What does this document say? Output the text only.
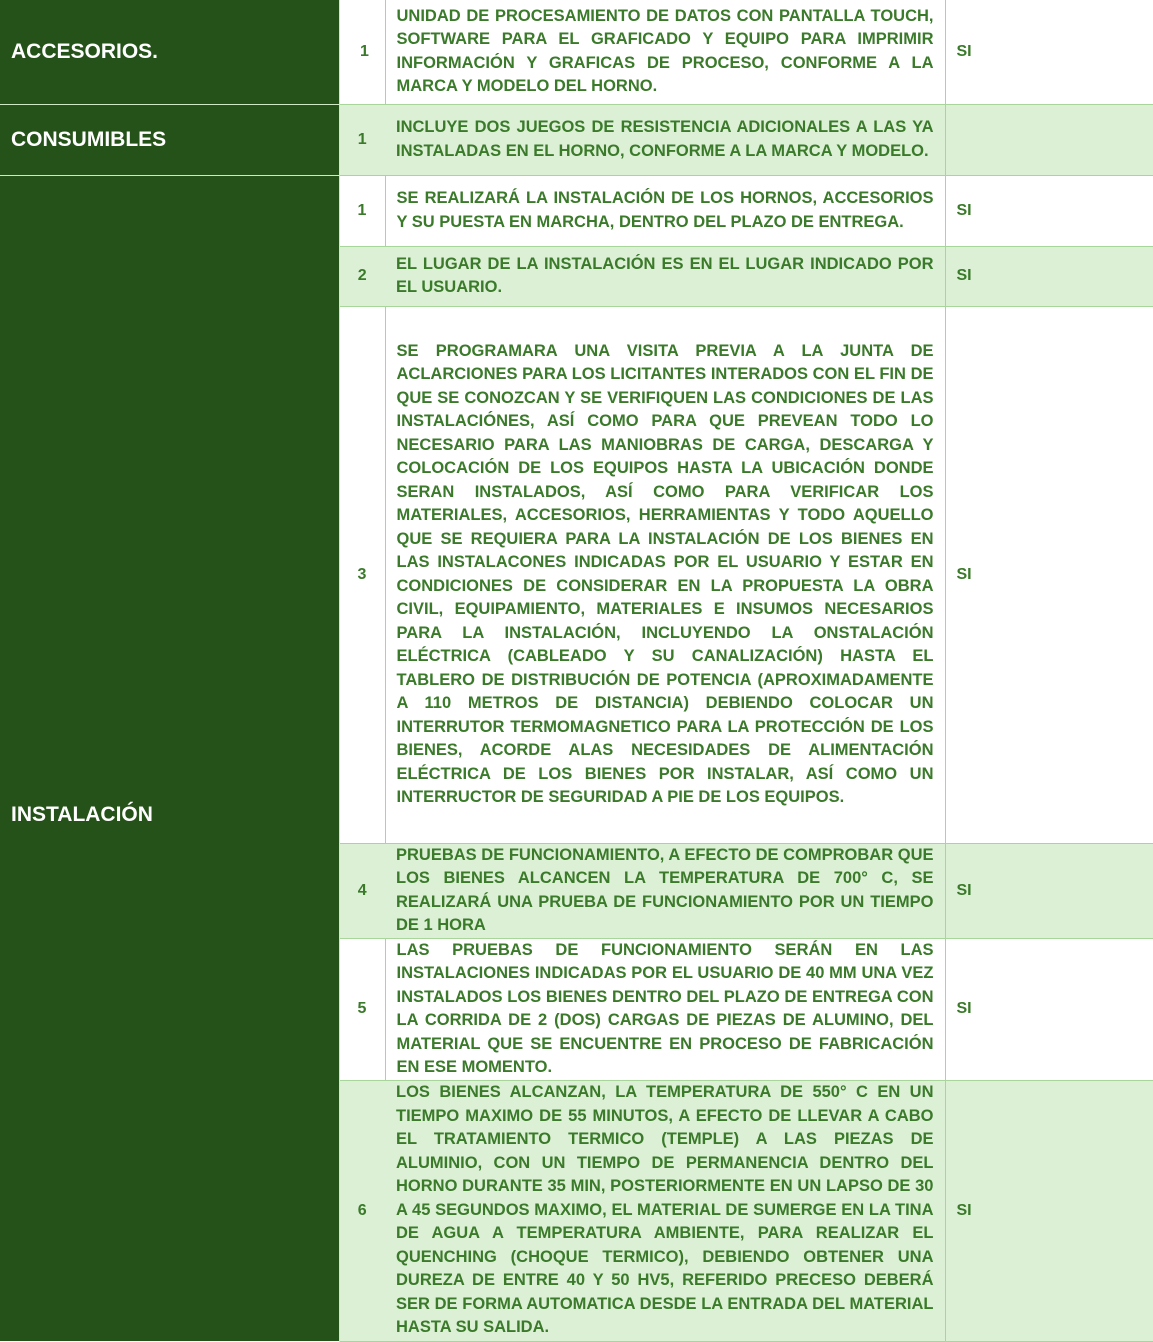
ACCESORIOS.	1	UNIDAD DE PROCESAMIENTO DE DATOS CON PANTALLA TOUCH, SOFTWARE PARA EL GRAFICADO Y EQUIPO PARA IMPRIMIR INFORMACIÓN Y GRAFICAS DE PROCESO, CONFORME A LA MARCA Y MODELO DEL HORNO.	SI
CONSUMIBLES	1	INCLUYE DOS JUEGOS DE RESISTENCIA ADICIONALES A LAS YA INSTALADAS EN EL HORNO, CONFORME A LA MARCA Y MODELO.	
INSTALACIÓN	1	SE REALIZARÁ LA INSTALACIÓN DE LOS HORNOS, ACCESORIOS Y SU PUESTA EN MARCHA, DENTRO DEL PLAZO DE ENTREGA.	SI
	2	EL LUGAR DE LA INSTALACIÓN ES EN EL LUGAR INDICADO POR EL USUARIO.	SI
	3	SE PROGRAMARA UNA VISITA PREVIA A LA JUNTA DE ACLARCIONES PARA LOS LICITANTES INTERADOS CON EL FIN DE QUE SE CONOZCAN Y SE VERIFIQUEN LAS CONDICIONES DE LAS INSTALACIÓNES, ASÍ COMO PARA QUE PREVEAN TODO LO NECESARIO PARA LAS MANIOBRAS DE CARGA, DESCARGA Y COLOCACIÓN DE LOS EQUIPOS HASTA LA UBICACIÓN DONDE SERAN INSTALADOS, ASÍ COMO PARA VERIFICAR LOS MATERIALES, ACCESORIOS, HERRAMIENTAS Y TODO AQUELLO QUE SE REQUIERA PARA LA INSTALACIÓN DE LOS BIENES EN LAS INSTALACONES INDICADAS POR EL USUARIO Y ESTAR EN CONDICIONES DE CONSIDERAR EN LA PROPUESTA LA OBRA CIVIL, EQUIPAMIENTO, MATERIALES E INSUMOS NECESARIOS PARA LA INSTALACIÓN, INCLUYENDO LA ONSTALACIÓN ELÉCTRICA (CABLEADO Y SU CANALIZACIÓN) HASTA EL TABLERO DE DISTRIBUCIÓN DE POTENCIA (APROXIMADAMENTE A 110 METROS DE DISTANCIA) DEBIENDO COLOCAR UN INTERRUTOR TERMOMAGNETICO PARA LA PROTECCIÓN DE LOS BIENES, ACORDE ALAS NECESIDADES DE ALIMENTACIÓN ELÉCTRICA DE LOS BIENES POR INSTALAR, ASÍ COMO UN INTERRUCTOR DE SEGURIDAD A PIE DE LOS EQUIPOS.	SI
	4	PRUEBAS DE FUNCIONAMIENTO, A EFECTO DE COMPROBAR QUE LOS BIENES ALCANCEN LA TEMPERATURA DE 700° C, SE REALIZARÁ UNA PRUEBA DE FUNCIONAMIENTO POR UN TIEMPO DE 1 HORA	SI
	5	LAS PRUEBAS DE FUNCIONAMIENTO SERÁN EN LAS INSTALACIONES INDICADAS POR EL USUARIO DE 40 MM UNA VEZ INSTALADOS LOS BIENES DENTRO DEL PLAZO DE ENTREGA CON LA CORRIDA DE 2 (DOS) CARGAS DE PIEZAS DE ALUMINO, DEL MATERIAL QUE SE ENCUENTRE EN PROCESO DE FABRICACIÓN EN ESE MOMENTO.	SI
	6	LOS BIENES ALCANZAN, LA TEMPERATURA DE 550° C EN UN TIEMPO MAXIMO DE 55 MINUTOS, A EFECTO DE LLEVAR A CABO EL TRATAMIENTO TERMICO (TEMPLE) A LAS PIEZAS DE ALUMINIO, CON UN TIEMPO DE PERMANENCIA DENTRO DEL HORNO DURANTE 35 MIN, POSTERIORMENTE EN UN LAPSO DE 30 A 45 SEGUNDOS MAXIMO, EL MATERIAL DE SUMERGE EN LA TINA DE AGUA A TEMPERATURA AMBIENTE, PARA REALIZAR EL QUENCHING (CHOQUE TERMICO), DEBIENDO OBTENER UNA DUREZA DE ENTRE 40 Y 50 HV5, REFERIDO PRECESO DEBERÁ SER DE FORMA AUTOMATICA DESDE LA ENTRADA DEL MATERIAL HASTA SU SALIDA.	SI
